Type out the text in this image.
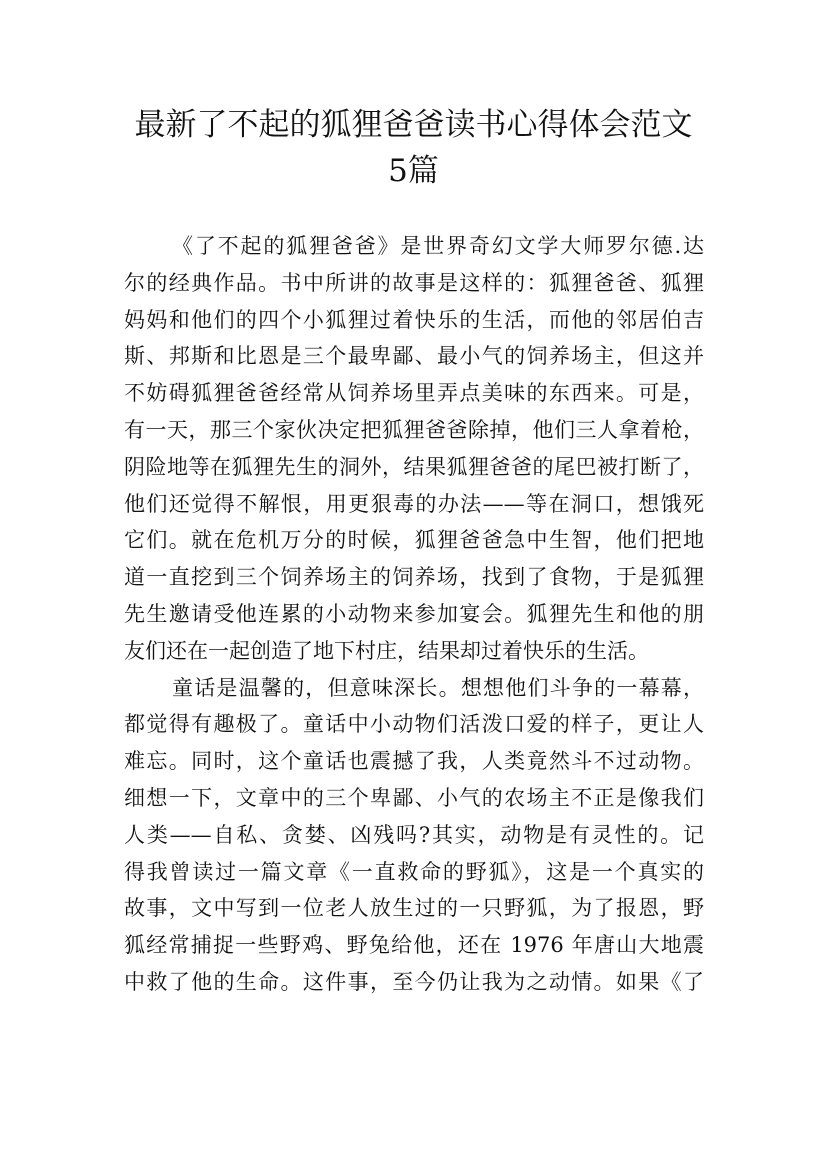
最新了不起的狐狸爸爸读书心得体会范文
5篇
《了不起的狐狸爸爸》是世界奇幻文学大师罗尔德.达
尔的经典作品。书中所讲的故事是这样的：狐狸爸爸、狐狸
妈妈和他们的四个小狐狸过着快乐的生活，而他的邻居伯吉
斯、邦斯和比恩是三个最卑鄙、最小气的饲养场主，但这并
不妨碍狐狸爸爸经常从饲养场里弄点美味的东西来。可是，
有一天，那三个家伙决定把狐狸爸爸除掉，他们三人拿着枪，
阴险地等在狐狸先生的洞外，结果狐狸爸爸的尾巴被打断了，
他们还觉得不解恨，用更狠毒的办法——等在洞口，想饿死
它们。就在危机万分的时候，狐狸爸爸急中生智，他们把地
道一直挖到三个饲养场主的饲养场，找到了食物，于是狐狸
先生邀请受他连累的小动物来参加宴会。狐狸先生和他的朋
友们还在一起创造了地下村庄，结果却过着快乐的生活。
童话是温馨的，但意味深长。想想他们斗争的一幕幕，
都觉得有趣极了。童话中小动物们活泼口爱的样子，更让人
难忘。同时，这个童话也震撼了我，人类竟然斗不过动物。
细想一下，文章中的三个卑鄙、小气的农场主不正是像我们
人类——自私、贪婪、凶残吗?其实，动物是有灵性的。记
得我曾读过一篇文章《一直救命的野狐》，这是一个真实的
故事，文中写到一位老人放生过的一只野狐，为了报恩，野
狐经常捕捉一些野鸡、野兔给他，还在 1976 年唐山大地震
中救了他的生命。这件事，至今仍让我为之动情。如果《了
